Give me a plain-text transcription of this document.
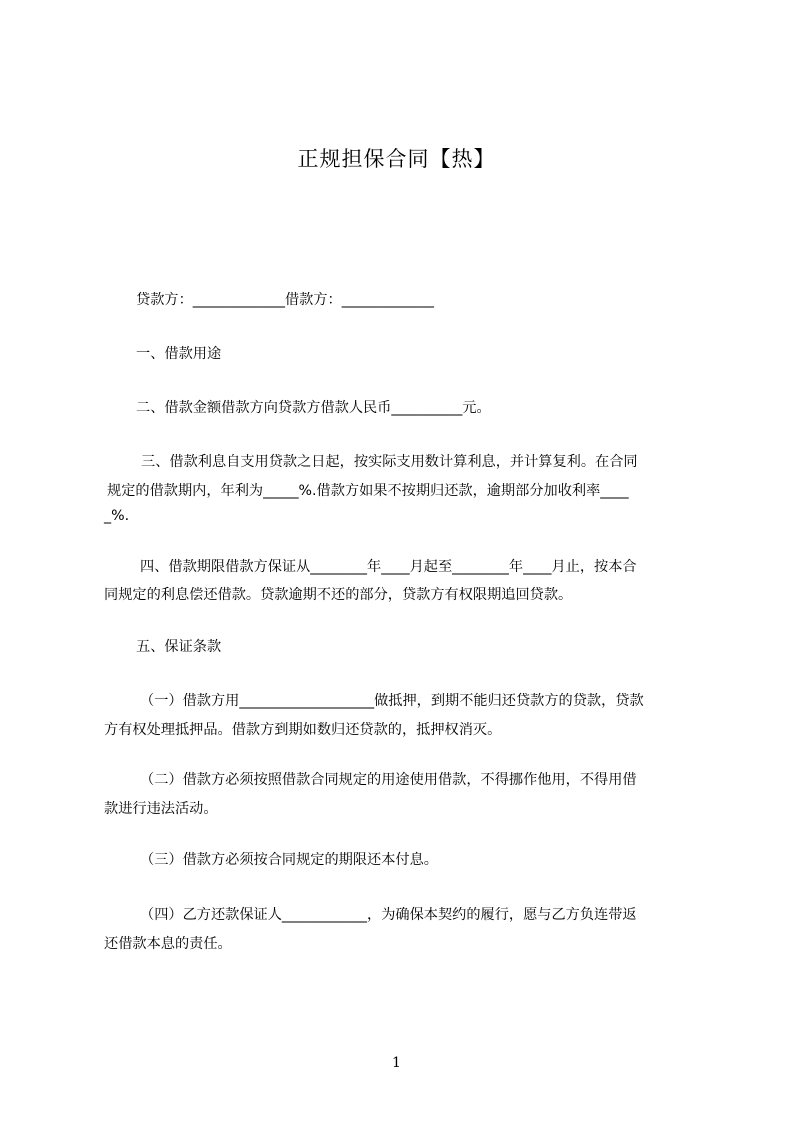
正规担保合同【热】
贷款方：_____________借款方：_____________
一、借款用途
二、借款金额借款方向贷款方借款人民币__________元。
三、借款利息自支用贷款之日起，按实际支用数计算利息，并计算复利。在合同
规定的借款期内，年利为_____%.借款方如果不按期归还款，逾期部分加收利率____
_%.
四、借款期限借款方保证从________年____月起至________年____月止，按本合
同规定的利息偿还借款。贷款逾期不还的部分，贷款方有权限期追回贷款。
五、保证条款
（一）借款方用___________________做抵押，到期不能归还贷款方的贷款，贷款
方有权处理抵押品。借款方到期如数归还贷款的，抵押权消灭。
（二）借款方必须按照借款合同规定的用途使用借款，不得挪作他用，不得用借
款进行违法活动。
（三）借款方必须按合同规定的期限还本付息。
（四）乙方还款保证人____________，为确保本契约的履行，愿与乙方负连带返
还借款本息的责任。
1
